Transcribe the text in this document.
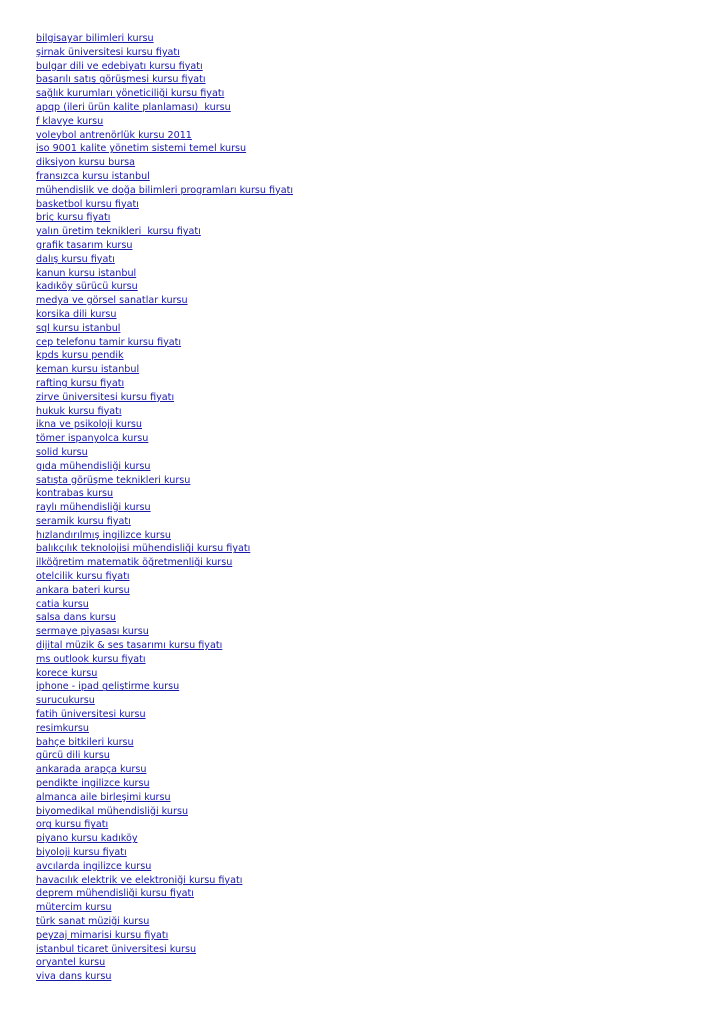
bilgisayar bilimleri kursu
şirnak üniversitesi kursu fiyatı
bulgar dili ve edebiyatı kursu fiyatı
başarılı satış görüşmesi kursu fiyatı
sağlık kurumları yöneticiliği kursu fiyatı
apqp (ileri ürün kalite planlaması)  kursu
f klavye kursu
voleybol antrenörlük kursu 2011
iso 9001 kalite yönetim sistemi temel kursu
diksiyon kursu bursa
fransızca kursu istanbul
mühendislik ve doğa bilimleri programları kursu fiyatı
basketbol kursu fiyatı
briç kursu fiyatı
yalın üretim teknikleri  kursu fiyatı
grafik tasarım kursu
dalış kursu fiyatı
kanun kursu istanbul
kadıköy sürücü kursu
medya ve görsel sanatlar kursu
korsika dili kursu
sql kursu istanbul
cep telefonu tamir kursu fiyatı
kpds kursu pendik
keman kursu istanbul
rafting kursu fiyatı
zirve üniversitesi kursu fiyatı
hukuk kursu fiyatı
ikna ve psikoloji kursu
tömer ispanyolca kursu
solid kursu
gıda mühendisliği kursu
satışta görüşme teknikleri kursu
kontrabas kursu
raylı mühendisliği kursu
seramik kursu fiyatı
hızlandırılmış ingilizce kursu
balıkçılık teknolojisi mühendisliği kursu fiyatı
ilköğretim matematik öğretmenliği kursu
otelcilik kursu fiyatı
ankara bateri kursu
catia kursu
salsa dans kursu
sermaye piyasası kursu
dijital müzik & ses tasarımı kursu fiyatı
ms outlook kursu fiyatı
korece kursu
iphone - ipad geliştirme kursu
surucukursu
fatih üniversitesi kursu
resimkursu
bahçe bitkileri kursu
gürcü dili kursu
ankarada arapça kursu
pendikte ingilizce kursu
almanca aile birleşimi kursu
biyomedikal mühendisliği kursu
org kursu fiyatı
piyano kursu kadıköy
biyoloji kursu fiyatı
avcılarda ingilizce kursu
havacılık elektrik ve elektroniği kursu fiyatı
deprem mühendisliği kursu fiyatı
mütercim kursu
türk sanat müziği kursu
peyzaj mimarisi kursu fiyatı
istanbul ticaret üniversitesi kursu
oryantel kursu
viva dans kursu
